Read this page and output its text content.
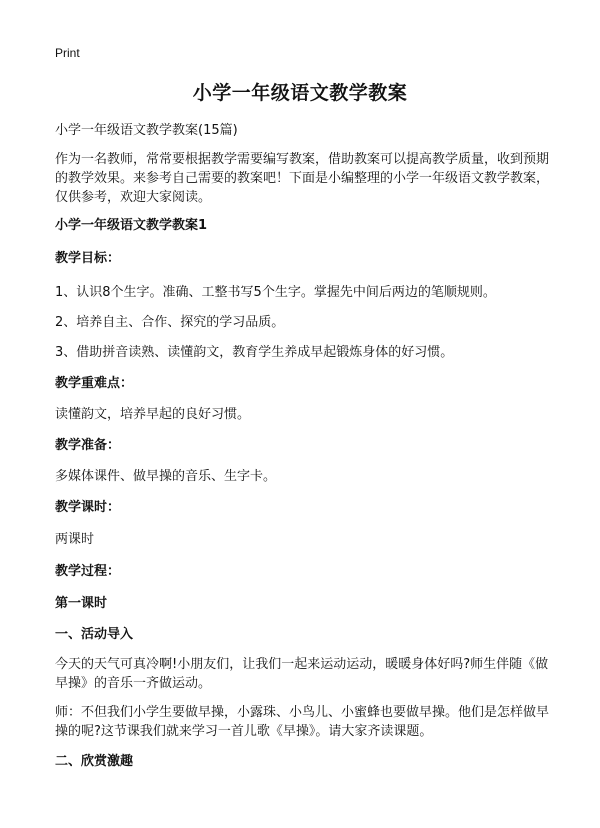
Print
小学一年级语文教学教案
小学一年级语文教学教案(15篇)
作为一名教师，常常要根据教学需要编写教案，借助教案可以提高教学质量，收到预期的教学效果。来参考自己需要的教案吧！下面是小编整理的小学一年级语文教学教案，仅供参考，欢迎大家阅读。
小学一年级语文教学教案1
教学目标：
1、认识8个生字。准确、工整书写5个生字。掌握先中间后两边的笔顺规则。
2、培养自主、合作、探究的学习品质。
3、借助拼音读熟、读懂韵文，教育学生养成早起锻炼身体的好习惯。
教学重难点：
读懂韵文，培养早起的良好习惯。
教学准备：
多媒体课件、做早操的音乐、生字卡。
教学课时：
两课时
教学过程：
第一课时
一、活动导入
今天的天气可真冷啊!小朋友们，让我们一起来运动运动，暖暖身体好吗?师生伴随《做早操》的音乐一齐做运动。
师：不但我们小学生要做早操，小露珠、小鸟儿、小蜜蜂也要做早操。他们是怎样做早操的呢?这节课我们就来学习一首儿歌《早操》。请大家齐读课题。
二、欣赏激趣
